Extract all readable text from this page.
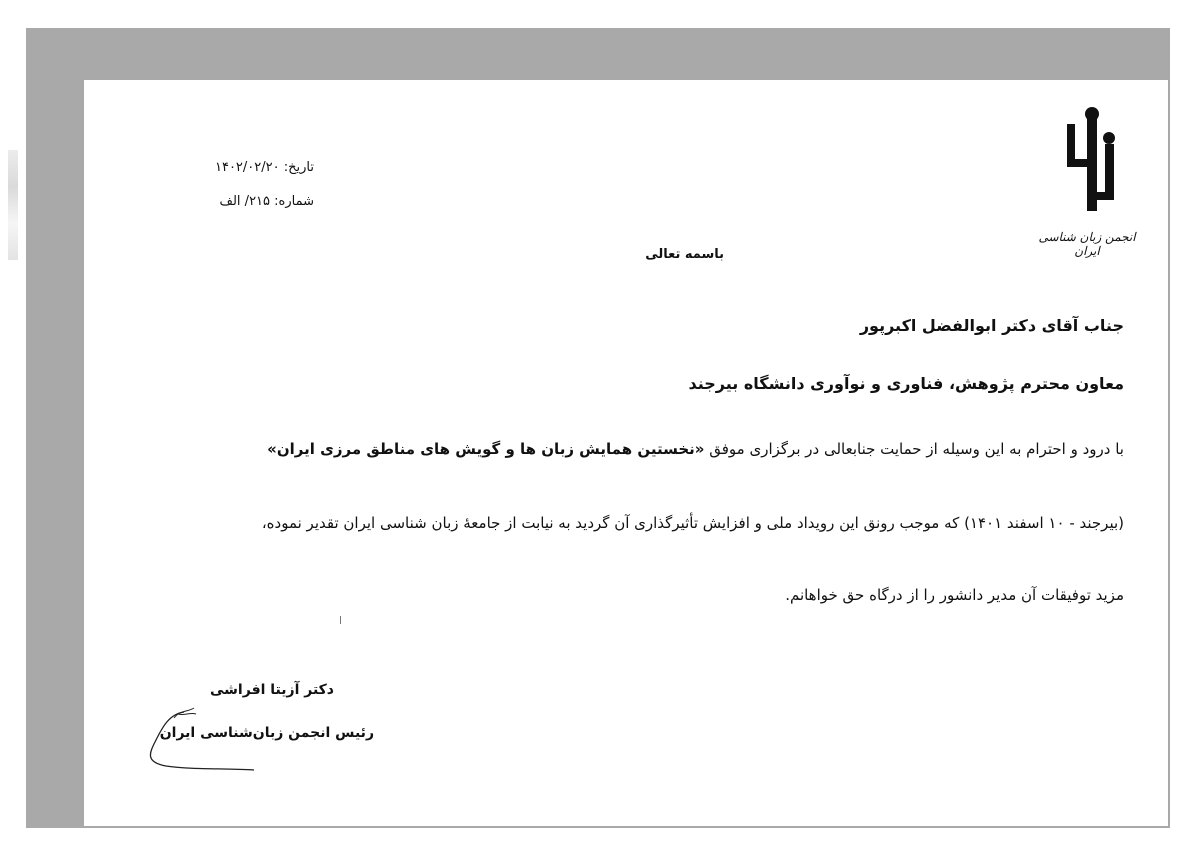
انجمن زبان شناسی ایران
تاریخ: ۱۴۰۲/۰۲/۲۰
شماره: ۲۱۵/ الف
باسمه تعالی
جناب آقای دکتر ابوالفضل اکبرپور
معاون محترم پژوهش، فناوری و نوآوری دانشگاه بیرجند
با درود و احترام به این وسیله از حمایت جنابعالی در برگزاری موفق «نخستین همایش زبان ها و گویش های مناطق مرزی ایران»
(بیرجند - ۱۰ اسفند ۱۴۰۱) که موجب رونق این رویداد ملی و افزایش تأثیرگذاری آن گردید به نیابت از جامعۀ زبان شناسی ایران تقدیر نموده،
مزید توفیقات آن مدیر دانشور را از درگاه حق خواهانم.
دکتر آزیتا افراشی
رئیس انجمن زبان‌شناسی ایران
